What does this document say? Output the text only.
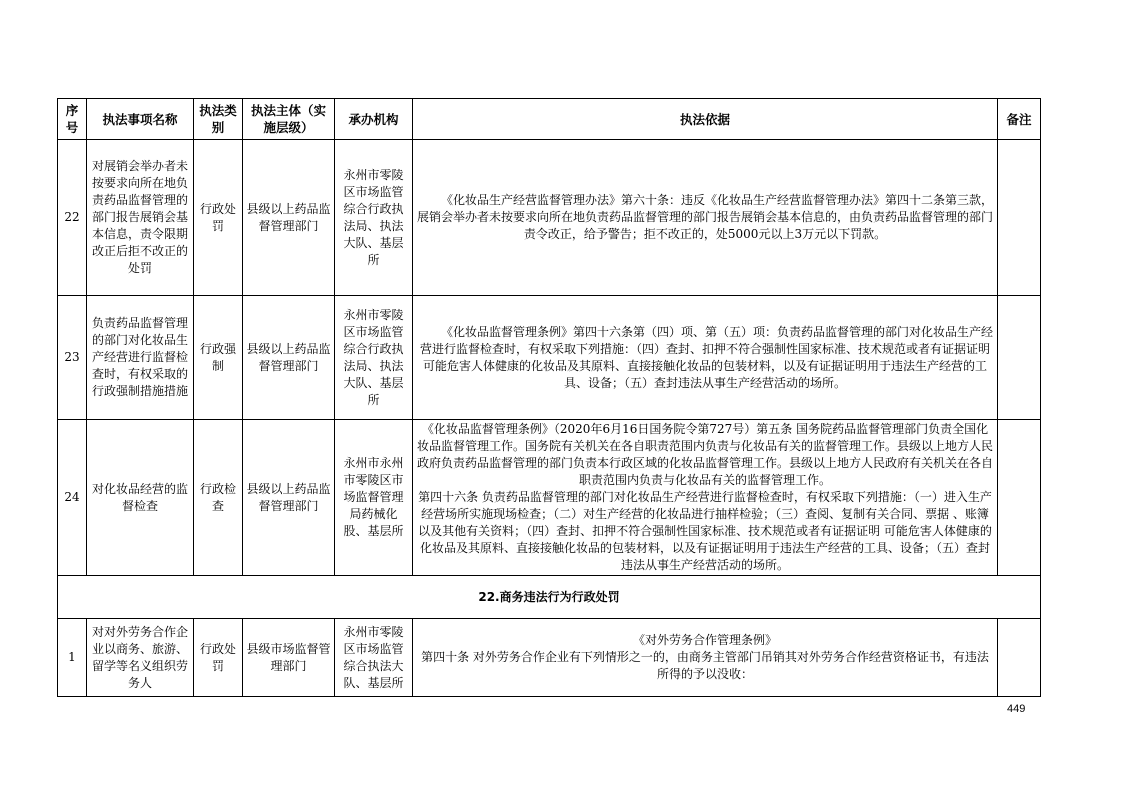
序号	执法事项名称	执法类别	执法主体（实施层级）	承办机构	执法依据	备注
22	对展销会举办者未按要求向所在地负责药品监督管理的部门报告展销会基本信息，责令限期改正后拒不改正的处罚	行政处罚	县级以上药品监督管理部门	永州市零陵区市场监管综合行政执法局、执法大队、基层所	《化妆品生产经营监督管理办法》第六十条：违反《化妆品生产经营监督管理办法》第四十二条第三款，展销会举办者未按要求向所在地负责药品监督管理的部门报告展销会基本信息的，由负责药品监督管理的部门责令改正，给予警告；拒不改正的，处5000元以上3万元以下罚款。	

23	负责药品监督管理的部门对化妆品生产经营进行监督检查时，有权采取的行政强制措施措施	行政强制	县级以上药品监督管理部门	永州市零陵区市场监管综合行政执法局、执法大队、基层所	《化妆品监督管理条例》第四十六条第（四）项、第（五）项：负责药品监督管理的部门对化妆品生产经营进行监督检查时，有权采取下列措施：（四）查封、扣押不符合强制性国家标准、技术规范或者有证据证明可能危害人体健康的化妆品及其原料、直接接触化妆品的包装材料，以及有证据证明用于违法生产经营的工具、设备；（五）查封违法从事生产经营活动的场所。	

24	对化妆品经营的监督检查	行政检查	县级以上药品监督管理部门	永州市永州市零陵区市场监督管理局药械化股、基层所	《化妆品监督管理条例》（2020年6月16日国务院令第727号）第五条 国务院药品监督管理部门负责全国化妆品监督管理工作。国务院有关机关在各自职责范围内负责与化妆品有关的监督管理工作。县级以上地方人民政府负责药品监督管理的部门负责本行政区域的化妆品监督管理工作。县级以上地方人民政府有关机关在各自职责范围内负责与化妆品有关的监督管理工作。

第四十六条 负责药品监督管理的部门对化妆品生产经营进行监督检查时，有权采取下列措施：（一）进入生产经营场所实施现场检查；（二）对生产经营的化妆品进行抽样检验；（三）查阅、复制有关合同、票据 、账簿以及其他有关资料；（四）查封、扣押不符合强制性国家标准、技术规范或者有证据证明 可能危害人体健康的化妆品及其原料、直接接触化妆品的包装材料，以及有证据证明用于违法生产经营的工具、设备；（五）查封违法从事生产经营活动的场所。	

22.商务违法行为行政处罚						
1	对对外劳务合作企业以商务、旅游、留学等名义组织劳务人	行政处罚	县级市场监督管理部门	永州市零陵区市场监管综合执法大队、基层所	《对外劳务合作管理条例》

第四十条 对外劳务合作企业有下列情形之一的，由商务主管部门吊销其对外劳务合作经营资格证书，有违法所得的予以没收：	

449
